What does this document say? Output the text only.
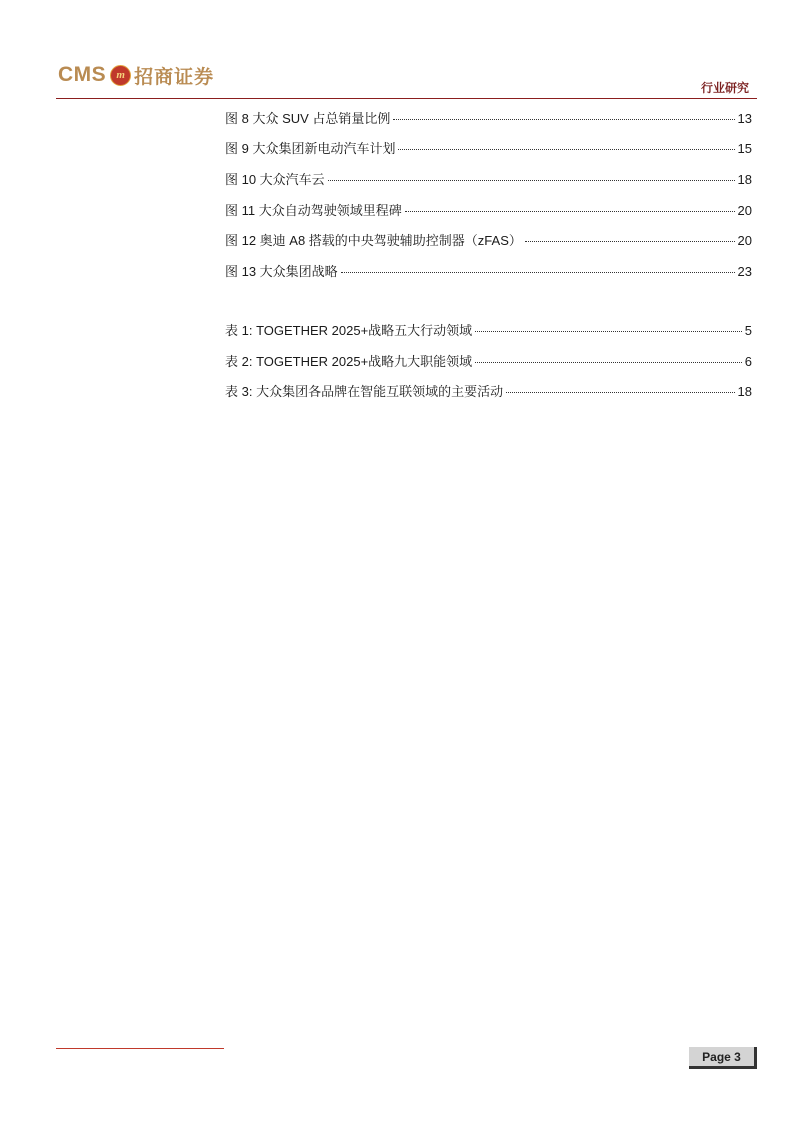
CMS m 招商证券
行业研究
图 8 大众 SUV 占总销量比例	13
图 9 大众集团新电动汽车计划	15
图 10 大众汽车云	18
图 11 大众自动驾驶领域里程碑	20
图 12 奥迪 A8 搭载的中央驾驶辅助控制器（zFAS）	20
图 13 大众集团战略	23
表 1: TOGETHER 2025+战略五大行动领域	5
表 2: TOGETHER 2025+战略九大职能领域	6
表 3: 大众集团各品牌在智能互联领域的主要活动	18
Page 3
